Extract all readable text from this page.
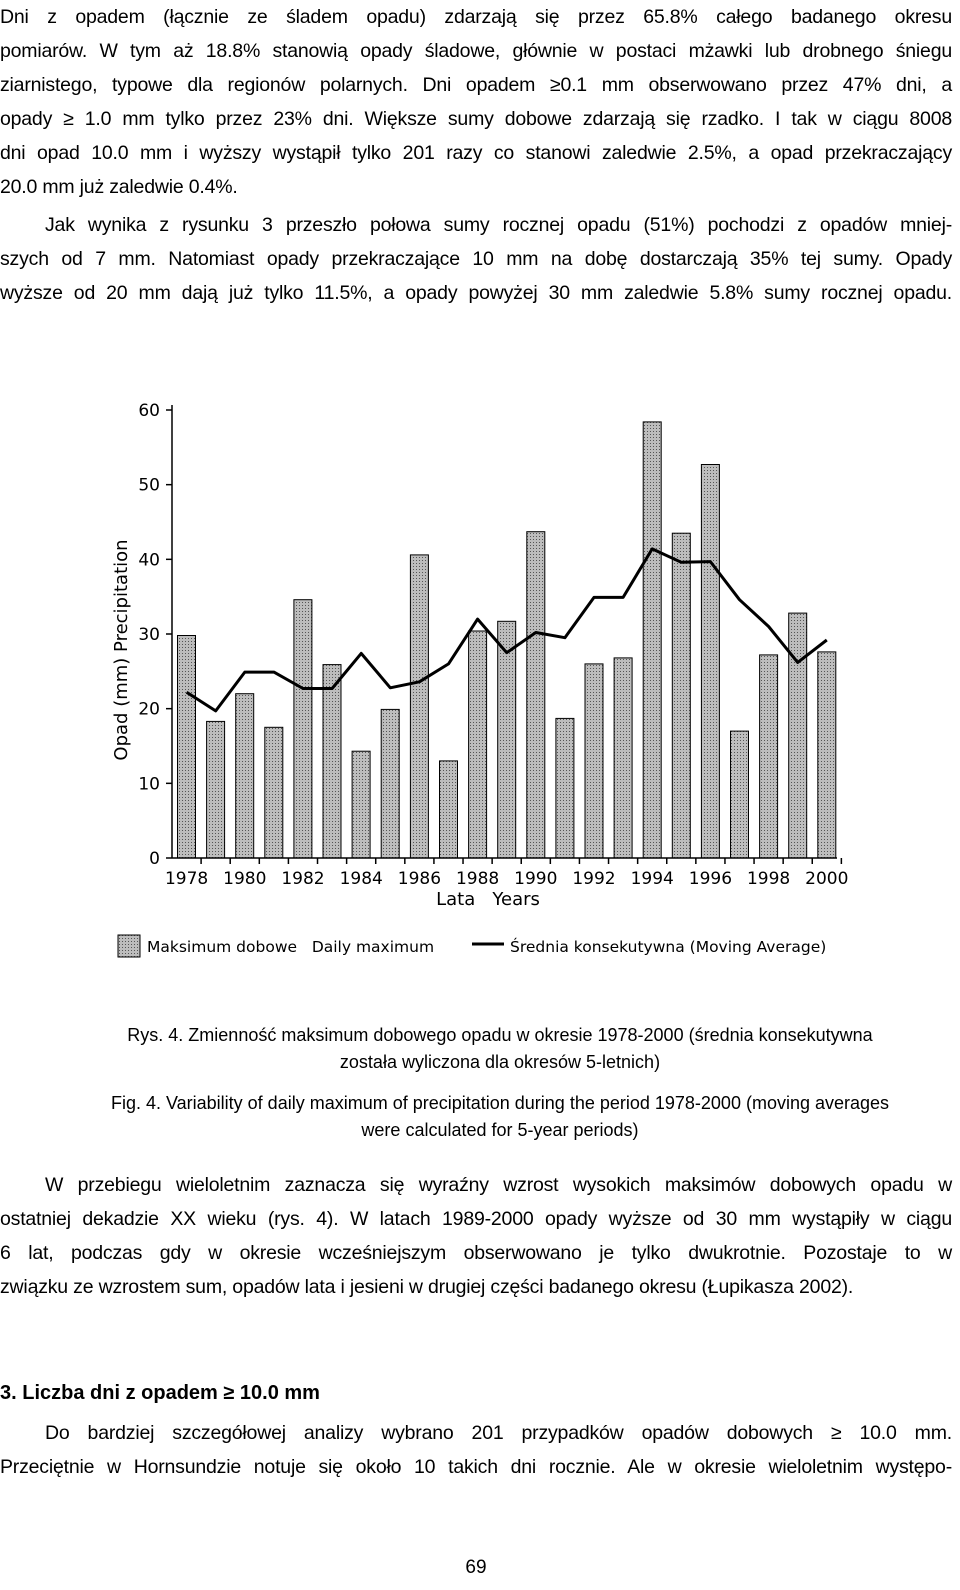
Dni z opadem (łącznie ze śladem opadu) zdarzają się przez 65.8% całego badanego okresu
pomiarów. W tym aż 18.8% stanowią opady śladowe, głównie w postaci mżawki lub drobnego śniegu
ziarnistego, typowe dla regionów polarnych. Dni opadem ≥0.1 mm obserwowano przez 47% dni, a
opady ≥ 1.0 mm tylko przez 23% dni. Większe sumy dobowe zdarzają się rzadko. I tak w ciągu 8008
dni opad 10.0 mm i wyższy wystąpił tylko 201 razy co stanowi zaledwie 2.5%, a opad przekraczający
20.0 mm już zaledwie 0.4%.
Jak wynika z rysunku 3 przeszło połowa sumy rocznej opadu (51%) pochodzi z opadów mniej-
szych od 7 mm. Natomiast opady przekraczające 10 mm na dobę dostarczają 35% tej sumy. Opady
wyższe od 20 mm dają już tylko 11.5%, a opady powyżej 30 mm zaledwie 5.8% sumy rocznej opadu.
0
10
20
30
40
50
60
1978 1980 1982 1984 1986 1988 1990 1992 1994 1996 1998 2000
Opad (mm) Precipitation
Lata   Years
Maksimum dobowe   Daily maximum	Średnia konsekutywna (Moving Average)
Rys. 4. Zmienność maksimum dobowego opadu w okresie 1978-2000 (średnia konsekutywna
została wyliczona dla okresów 5-letnich)
Fig. 4. Variability of daily maximum of precipitation during the period 1978-2000 (moving averages
were calculated for 5-year periods)
W przebiegu wieloletnim zaznacza się wyraźny wzrost wysokich maksimów dobowych opadu w
ostatniej dekadzie XX wieku (rys. 4). W latach 1989-2000 opady wyższe od 30 mm wystąpiły w ciągu
6 lat, podczas gdy w okresie wcześniejszym obserwowano je tylko dwukrotnie. Pozostaje to w
związku ze wzrostem sum, opadów lata i jesieni w drugiej części badanego okresu (Łupikasza 2002).
3. Liczba dni z opadem ≥ 10.0 mm
Do bardziej szczegółowej analizy wybrano 201 przypadków opadów dobowych ≥ 10.0 mm.
Przeciętnie w Hornsundzie notuje się około 10 takich dni rocznie. Ale w okresie wieloletnim występo-
69
